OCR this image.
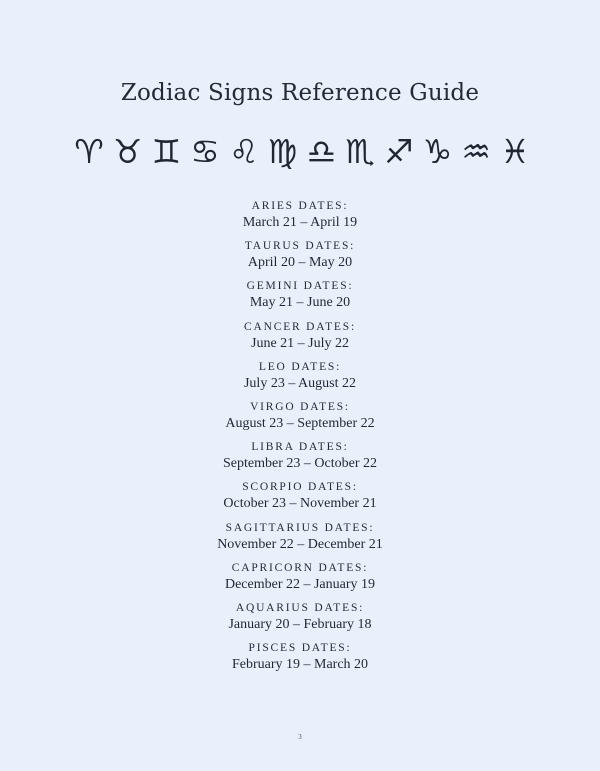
Zodiac Signs Reference Guide
♈ ♉ ♊ ♋ ♌ ♍ ♎ ♏ ♐ ♑ ♒ ♓
ARIES DATES:
March 21 – April 19
TAURUS DATES:
April 20 – May 20
GEMINI DATES:
May 21 – June 20
CANCER DATES:
June 21 – July 22
LEO DATES:
July 23 – August 22
VIRGO DATES:
August 23 – September 22
LIBRA DATES:
September 23 – October 22
SCORPIO DATES:
October 23 – November 21
SAGITTARIUS DATES:
November 22 – December 21
CAPRICORN DATES:
December 22 – January 19
AQUARIUS DATES:
January 20 – February 18
PISCES DATES:
February 19 – March 20
3
